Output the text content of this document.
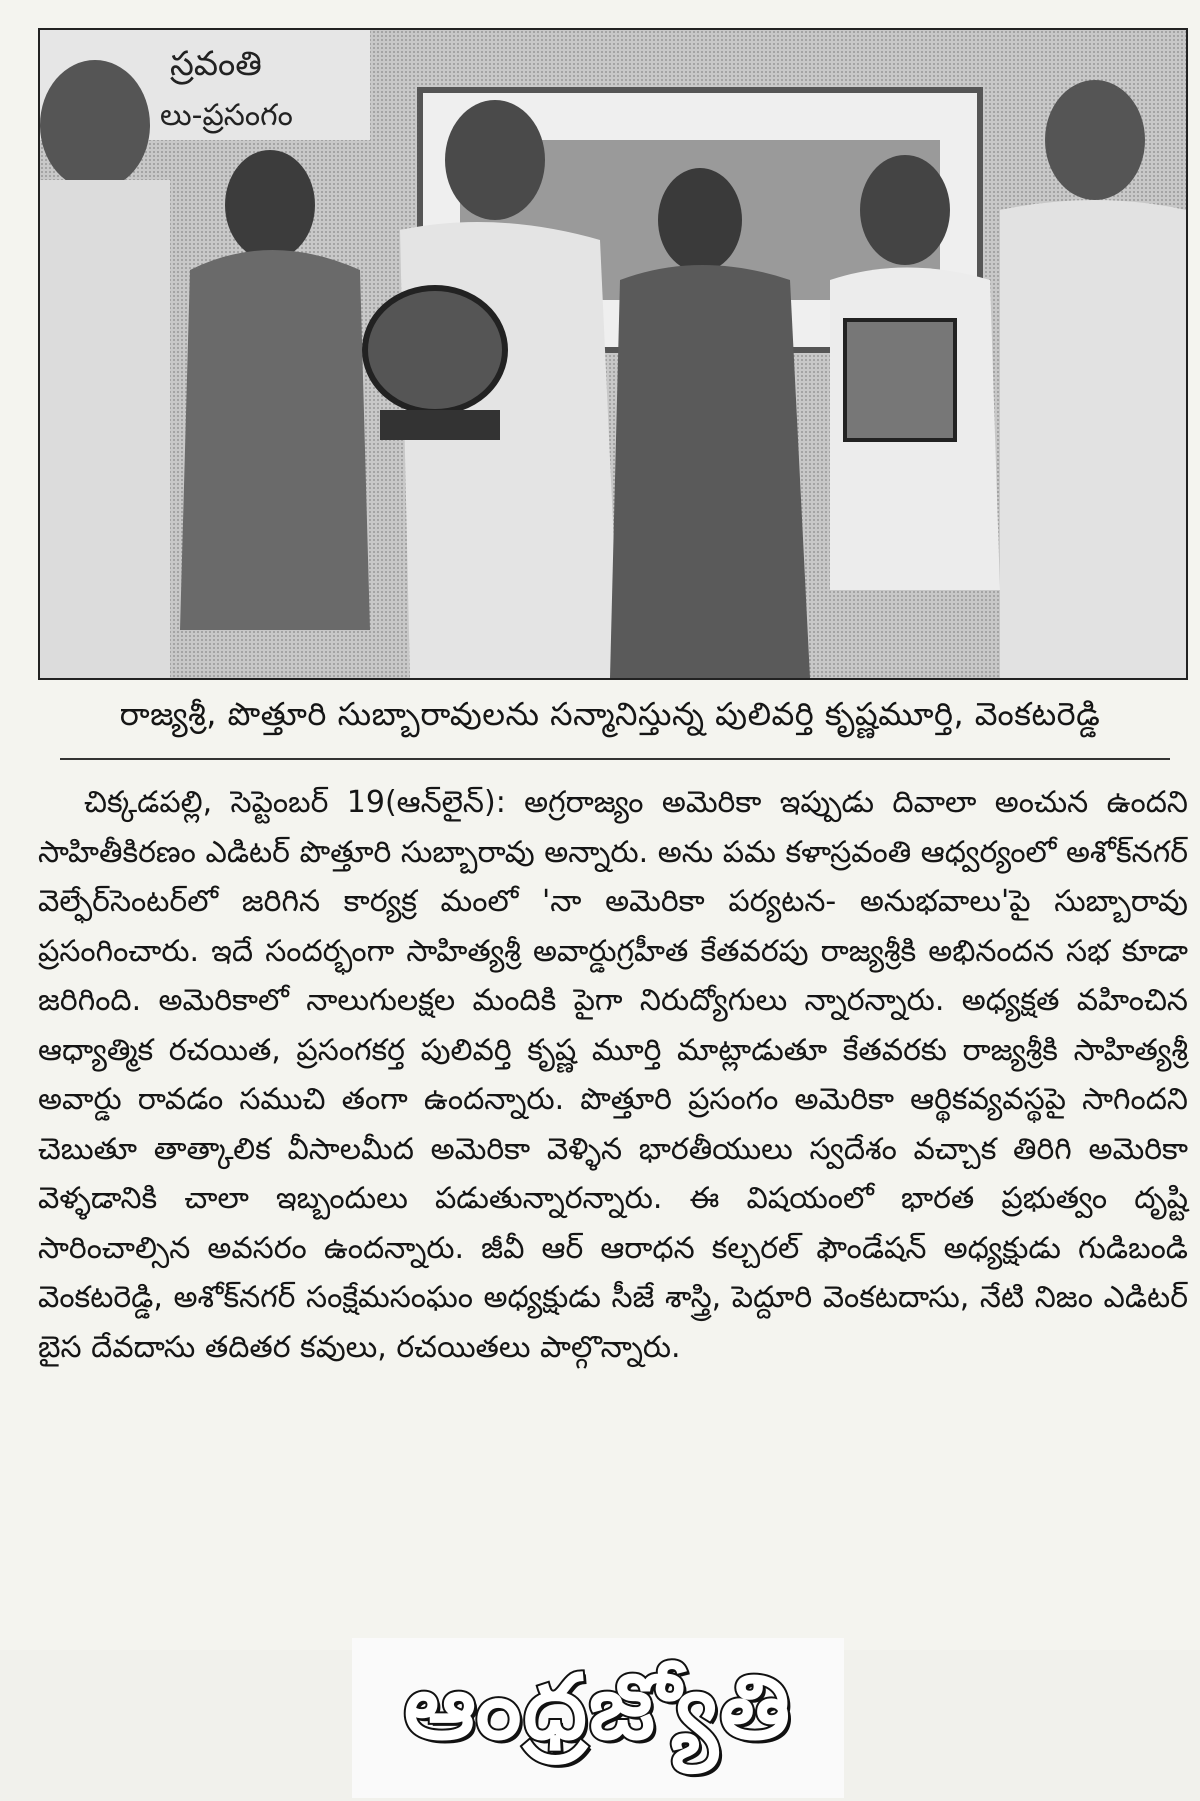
స్రవంతి
లు-ప్రసంగం
రాజ్యశ్రీ, పొత్తూరి సుబ్బారావులను సన్మానిస్తున్న పులివర్తి కృష్ణమూర్తి, వెంకటరెడ్డి

చిక్కడపల్లి, సెప్టెంబర్ 19(ఆన్‌లైన్): అగ్రరాజ్యం అమెరికా ఇప్పుడు దివాలా అంచున ఉందని సాహితీకిరణం ఎడిటర్ పొత్తూరి సుబ్బారావు అన్నారు. అను పమ కళాస్రవంతి ఆధ్వర్యంలో అశోక్‌నగర్ వెల్ఫేర్‌సెంటర్‌లో జరిగిన కార్యక్ర మంలో 'నా అమెరికా పర్యటన- అనుభవాలు'పై సుబ్బారావు ప్రసంగించారు. ఇదే సందర్భంగా సాహిత్యశ్రీ అవార్డుగ్రహీత కేతవరపు రాజ్యశ్రీకి అభినందన సభ కూడా జరిగింది. అమెరికాలో నాలుగులక్షల మందికి పైగా నిరుద్యోగులు న్నారన్నారు. అధ్యక్షత వహించిన ఆధ్యాత్మిక రచయిత, ప్రసంగకర్త పులివర్తి కృష్ణ మూర్తి మాట్లాడుతూ కేతవరకు రాజ్యశ్రీకి సాహిత్యశ్రీ అవార్డు రావడం సముచి తంగా ఉందన్నారు. పొత్తూరి ప్రసంగం అమెరికా ఆర్థికవ్యవస్థపై సాగిందని చెబుతూ తాత్కాలిక వీసాలమీద అమెరికా వెళ్ళిన భారతీయులు స్వదేశం వచ్చాక తిరిగి అమెరికా వెళ్ళడానికి చాలా ఇబ్బందులు పడుతున్నారన్నారు. ఈ విషయంలో భారత ప్రభుత్వం దృష్టి సారించాల్సిన అవసరం ఉందన్నారు. జీవీ ఆర్ ఆరాధన కల్చరల్ ఫౌండేషన్ అధ్యక్షుడు గుడిబండి వెంకటరెడ్డి, అశోక్‌నగర్ సంక్షేమసంఘం అధ్యక్షుడు సీజే శాస్త్రి, పెద్దూరి వెంకటదాసు, నేటి నిజం ఎడిటర్ బైస దేవదాసు తదితర కవులు, రచయితలు పాల్గొన్నారు.

ఆంధ్రజ్యోతి
